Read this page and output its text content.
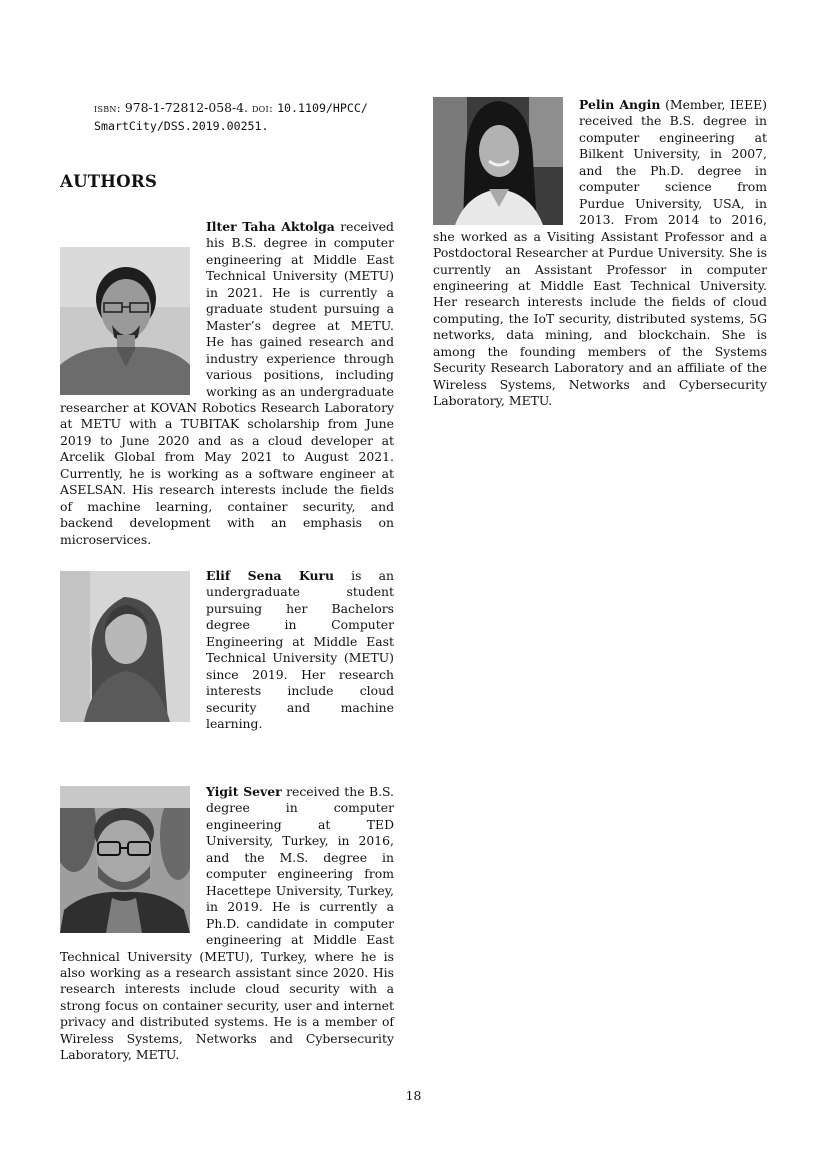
isbn: 978-1-72812-058-4. doi: 10.1109/HPCC/
SmartCity/DSS.2019.00251.

AUTHORS
Ilter Taha Aktolga received his B.S. degree in computer engineering at Middle East Technical University (METU) in 2021. He is currently a graduate student pursuing a Master’s degree at METU. He has gained research and industry experience through various positions, including working as an undergraduate researcher at KOVAN Robotics Research Laboratory at METU with a TUBITAK scholarship from June 2019 to June 2020 and as a cloud developer at Arcelik Global from May 2021 to August 2021. Currently, he is working as a software engineer at ASELSAN. His research interests include the fields of machine learning, container security, and backend development with an emphasis on microservices.
Elif Sena Kuru is an undergraduate student pursuing her Bachelors degree in Computer Engineering at Middle East Technical University (METU) since 2019. Her research interests include cloud security and machine learning.
Yigit Sever received the B.S. degree in computer engineering at TED University, Turkey, in 2016, and the M.S. degree in computer engineering from Hacettepe University, Turkey, in 2019. He is currently a Ph.D. candidate in computer engineering at Middle East Technical University (METU), Turkey, where he is also working as a research assistant since 2020. His research interests include cloud security with a strong focus on container security, user and internet privacy and distributed systems. He is a member of Wireless Systems, Networks and Cybersecurity Laboratory, METU.
Pelin Angin (Member, IEEE) received the B.S. degree in computer engineering at Bilkent University, in 2007, and the Ph.D. degree in computer science from Purdue University, USA, in 2013. From 2014 to 2016, she worked as a Visiting Assistant Professor and a Postdoctoral Researcher at Purdue University. She is currently an Assistant Professor in computer engineering at Middle East Technical University. Her research interests include the fields of cloud computing, the IoT security, distributed systems, 5G networks, data mining, and blockchain. She is among the founding members of the Systems Security Research Laboratory and an affiliate of the Wireless Systems, Networks and Cybersecurity Laboratory, METU.
18
